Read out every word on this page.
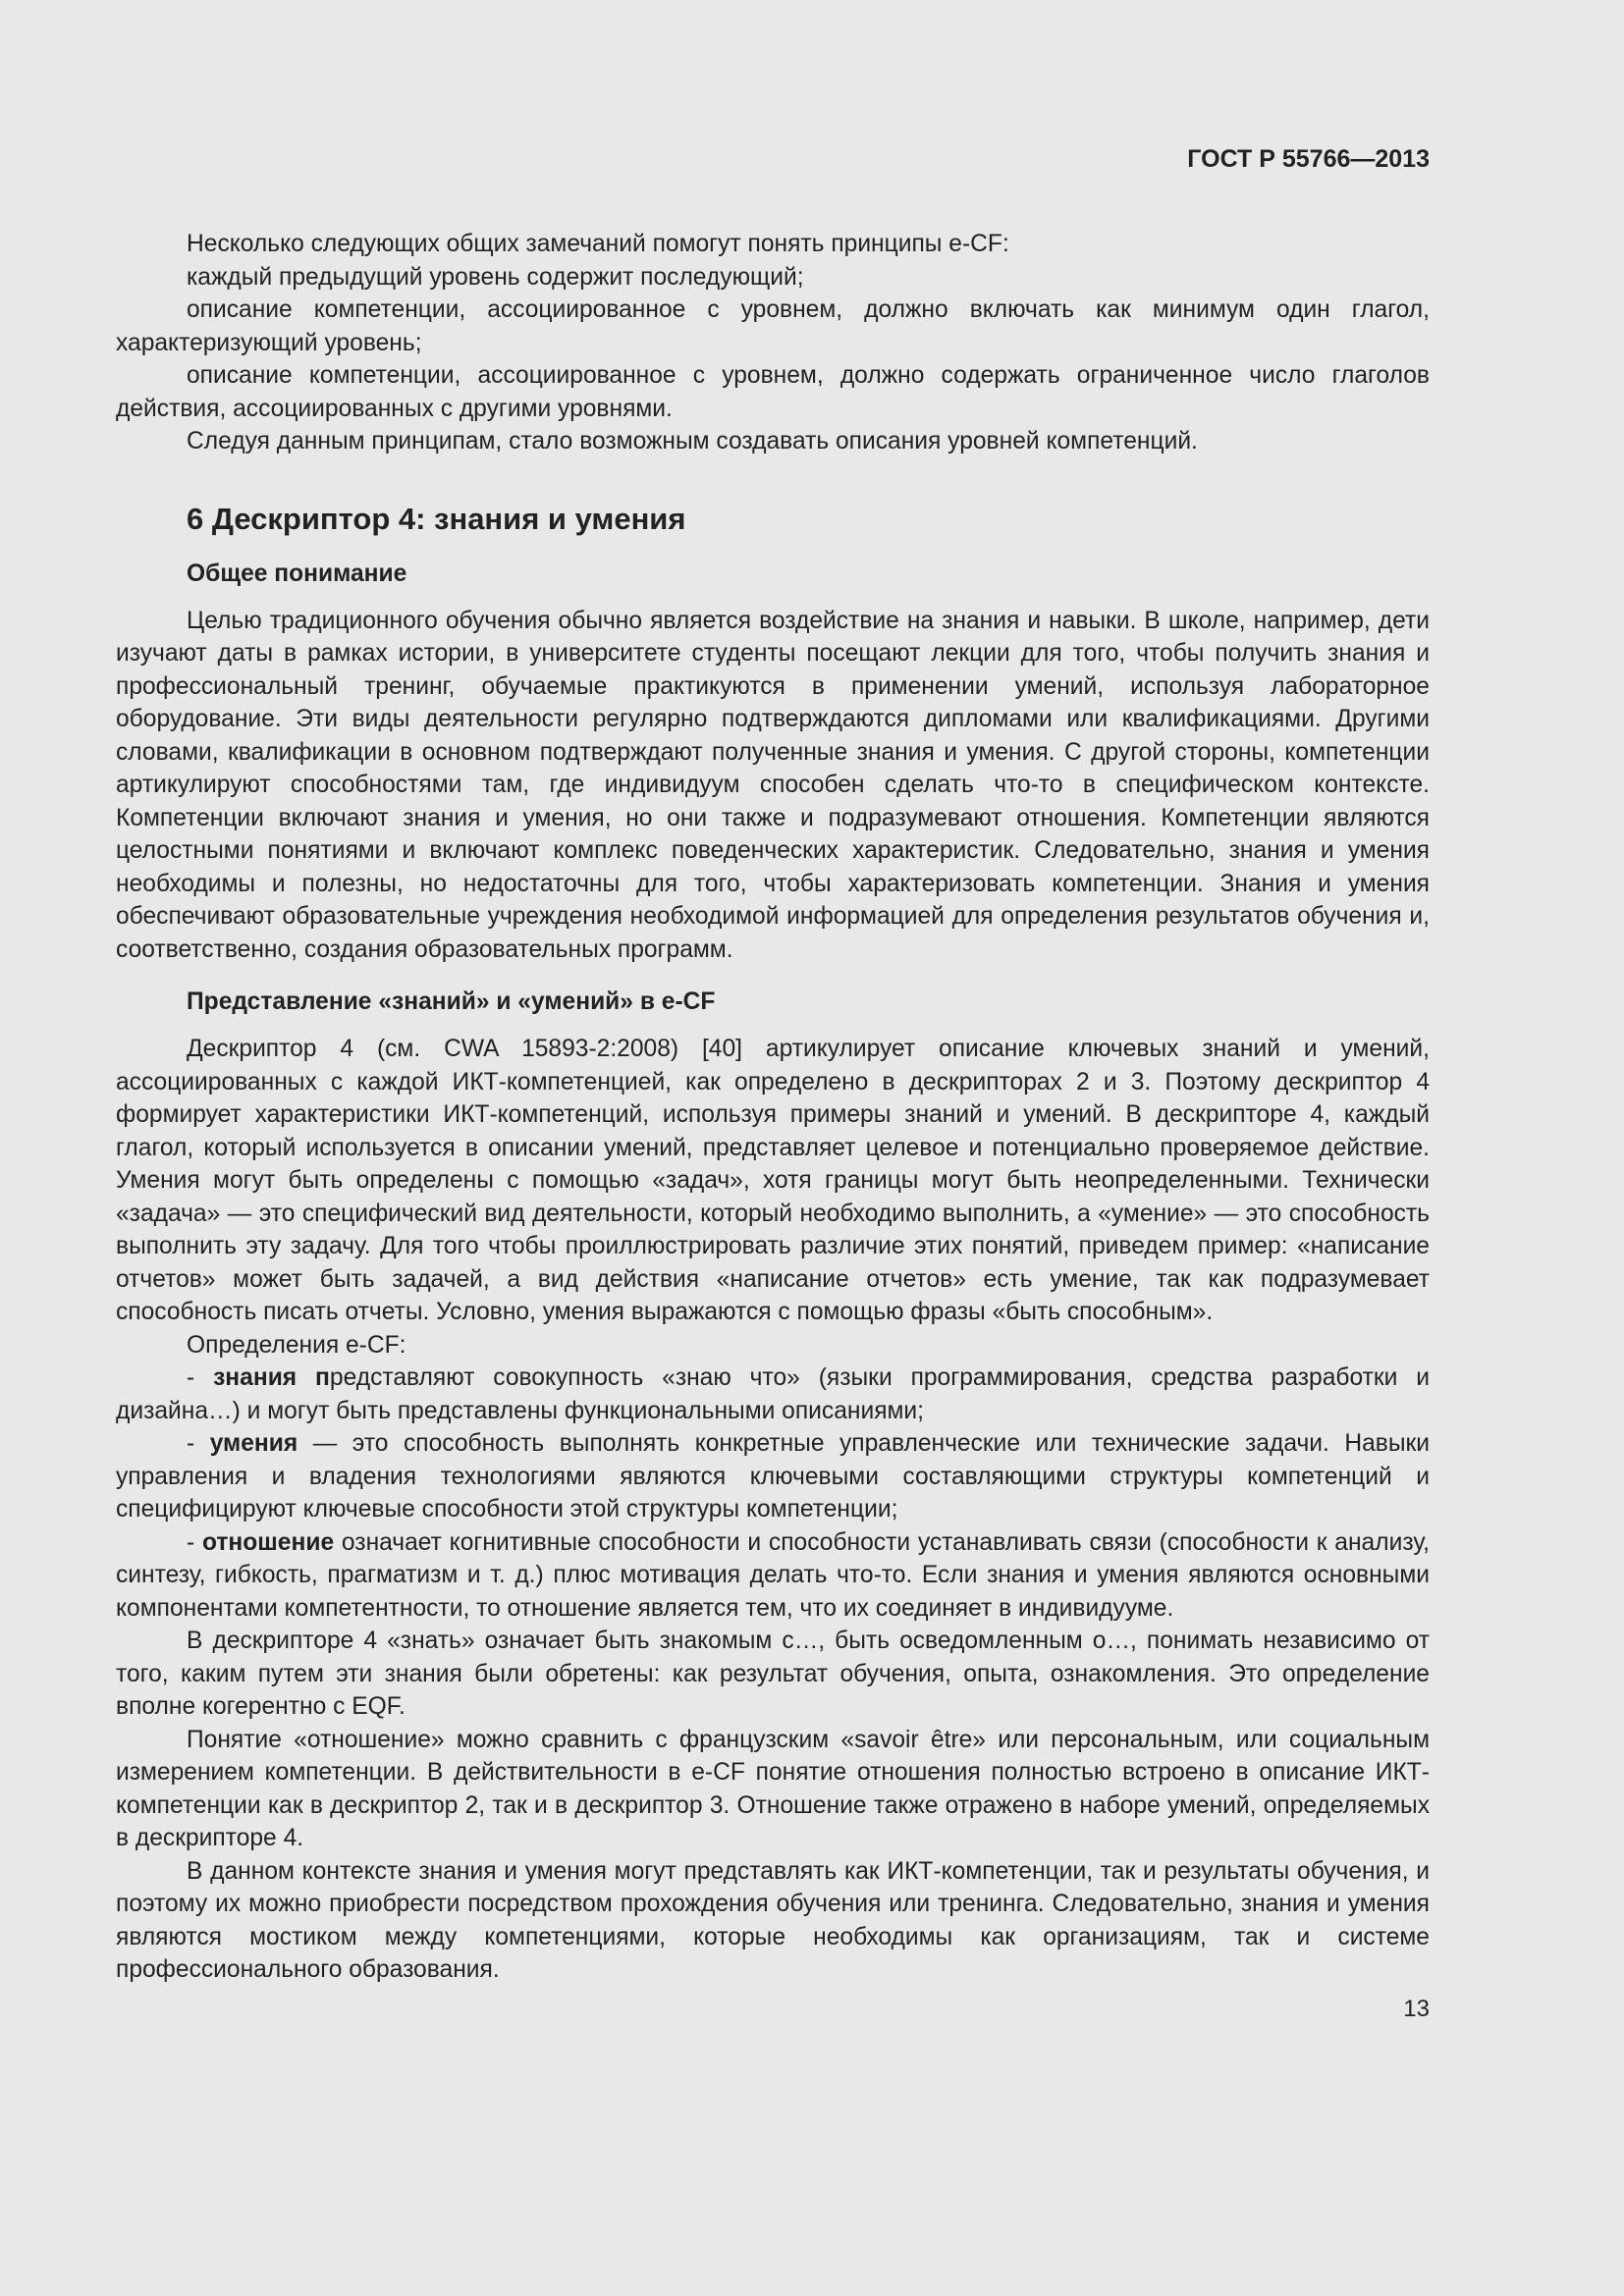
ГОСТ Р 55766—2013

Несколько следующих общих замечаний помогут понять принципы e-CF:

каждый предыдущий уровень содержит последующий;

описание компетенции, ассоциированное с уровнем, должно включать как минимум один глагол, характеризующий уровень;

описание компетенции, ассоциированное с уровнем, должно содержать ограниченное число глаголов действия, ассоциированных с другими уровнями.

Следуя данным принципам, стало возможным создавать описания уровней компетенций.

6 Дескриптор 4: знания и умения
Общее понимание

Целью традиционного обучения обычно является воздействие на знания и навыки. В школе, например, дети изучают даты в рамках истории, в университете студенты посещают лекции для того, чтобы получить знания и профессиональный тренинг, обучаемые практикуются в применении умений, используя лабораторное оборудование. Эти виды деятельности регулярно подтверждаются дипломами или квалификациями. Другими словами, квалификации в основном подтверждают полученные знания и умения. С другой стороны, компетенции артикулируют способностями там, где индивидуум способен сделать что-то в специфическом контексте. Компетенции включают знания и умения, но они также и подразумевают отношения. Компетенции являются целостными понятиями и включают комплекс поведенческих характеристик. Следовательно, знания и умения необходимы и полезны, но недостаточны для того, чтобы характеризовать компетенции. Знания и умения обеспечивают образовательные учреждения необходимой информацией для определения результатов обучения и, соответственно, создания образовательных программ.

Представление «знаний» и «умений» в e-CF

Дескриптор 4 (см. CWA 15893-2:2008) [40] артикулирует описание ключевых знаний и умений, ассоциированных с каждой ИКТ-компетенцией, как определено в дескрипторах 2 и 3. Поэтому дескриптор 4 формирует характеристики ИКТ-компетенций, используя примеры знаний и умений. В дескрипторе 4, каждый глагол, который используется в описании умений, представляет целевое и потенциально проверяемое действие. Умения могут быть определены с помощью «задач», хотя границы могут быть неопределенными. Технически «задача» — это специфический вид деятельности, который необходимо выполнить, а «умение» — это способность выполнить эту задачу. Для того чтобы проиллюстрировать различие этих понятий, приведем пример: «написание отчетов» может быть задачей, а вид действия «написание отчетов» есть умение, так как подразумевает способность писать отчеты. Условно, умения выражаются с помощью фразы «быть способным».

Определения e-CF:

- знания представляют совокупность «знаю что» (языки программирования, средства разработки и дизайна…) и могут быть представлены функциональными описаниями;

- умения — это способность выполнять конкретные управленческие или технические задачи. Навыки управления и владения технологиями являются ключевыми составляющими структуры компетенций и специфицируют ключевые способности этой структуры компетенции;

- отношение означает когнитивные способности и способности устанавливать связи (способности к анализу, синтезу, гибкость, прагматизм и т. д.) плюс мотивация делать что-то. Если знания и умения являются основными компонентами компетентности, то отношение является тем, что их соединяет в индивидууме.

В дескрипторе 4 «знать» означает быть знакомым с…, быть осведомленным о…, понимать независимо от того, каким путем эти знания были обретены: как результат обучения, опыта, ознакомления. Это определение вполне когерентно с EQF.

Понятие «отношение» можно сравнить с французским «savoir être» или персональным, или социальным измерением компетенции. В действительности в e-CF понятие отношения полностью встроено в описание ИКТ-компетенции как в дескриптор 2, так и в дескриптор 3. Отношение также отражено в наборе умений, определяемых в дескрипторе 4.

В данном контексте знания и умения могут представлять как ИКТ-компетенции, так и результаты обучения, и поэтому их можно приобрести посредством прохождения обучения или тренинга. Следовательно, знания и умения являются мостиком между компетенциями, которые необходимы как организациям, так и системе профессионального образования.

13
